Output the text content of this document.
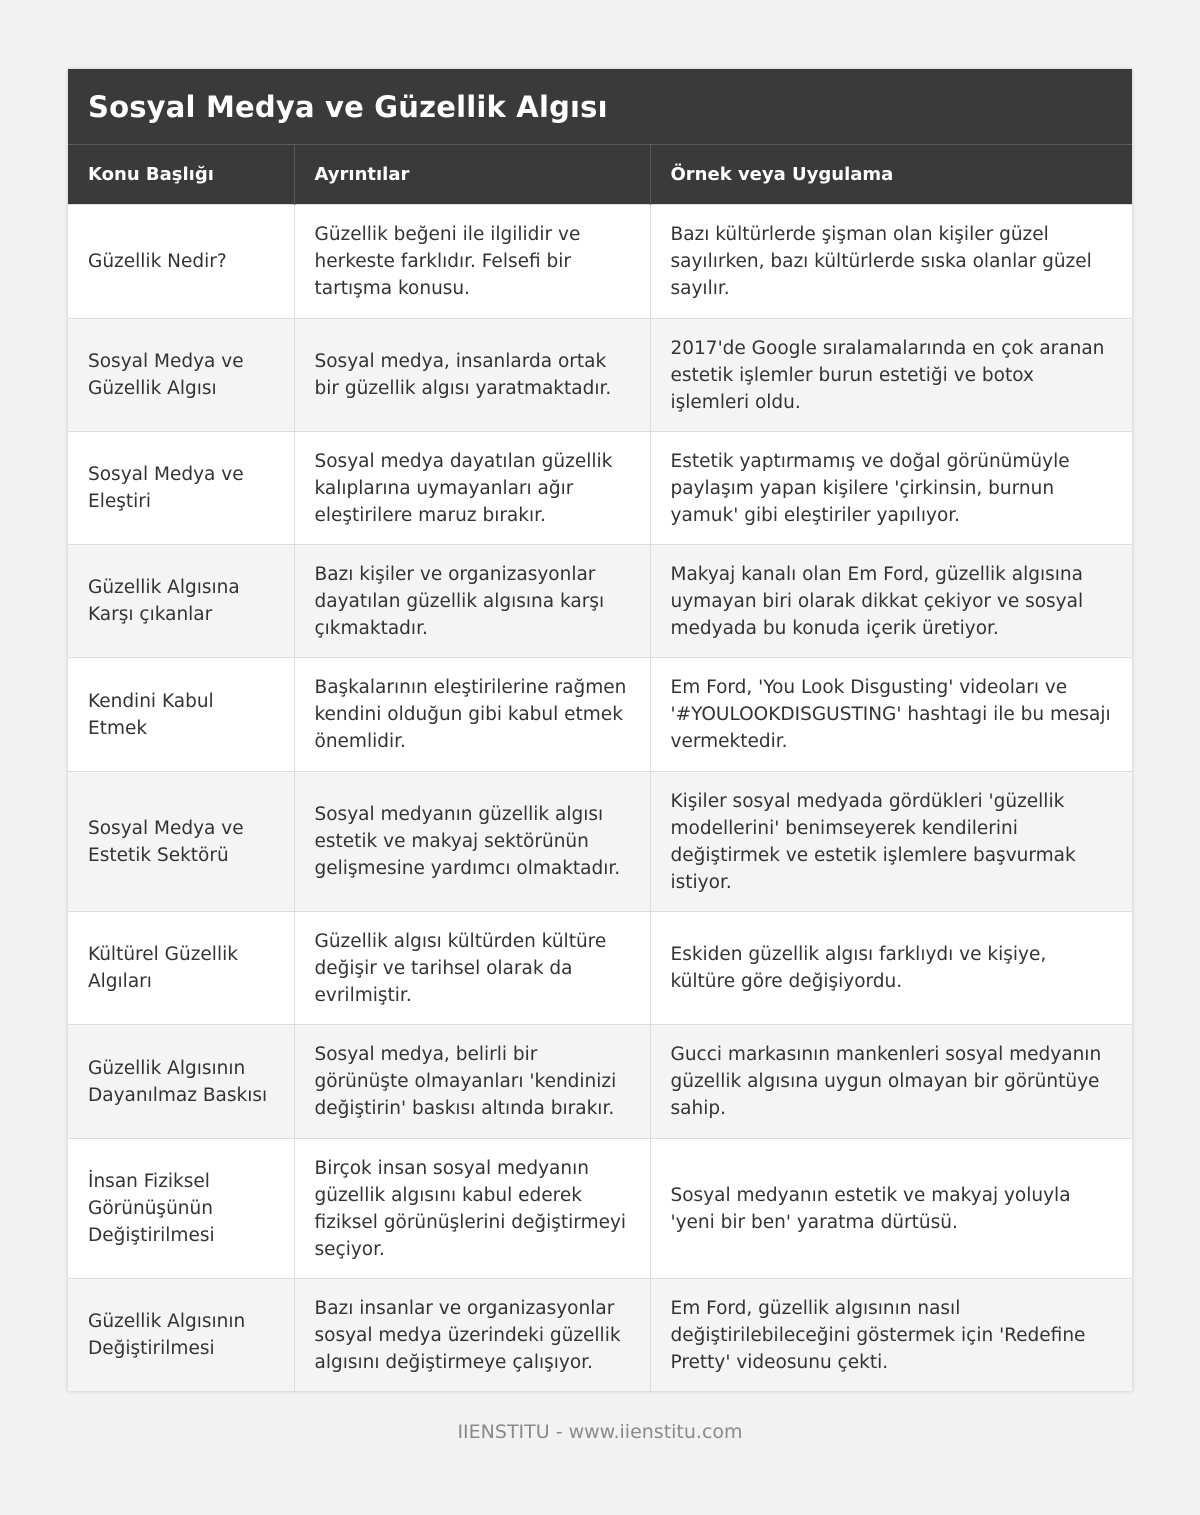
Sosyal Medya ve Güzellik Algısı
Konu Başlığı	Ayrıntılar	Örnek veya Uygulama
Güzellik Nedir?	Güzellik beğeni ile ilgilidir ve herkeste farklıdır. Felsefi bir tartışma konusu.	Bazı kültürlerde şişman olan kişiler güzel sayılırken, bazı kültürlerde sıska olanlar güzel sayılır.
Sosyal Medya ve Güzellik Algısı	Sosyal medya, insanlarda ortak bir güzellik algısı yaratmaktadır.	2017'de Google sıralamalarında en çok aranan estetik işlemler burun estetiği ve botox işlemleri oldu.
Sosyal Medya ve Eleştiri	Sosyal medya dayatılan güzellik kalıplarına uymayanları ağır eleştirilere maruz bırakır.	Estetik yaptırmamış ve doğal görünümüyle paylaşım yapan kişilere 'çirkinsin, burnun yamuk' gibi eleştiriler yapılıyor.
Güzellik Algısına Karşı çıkanlar	Bazı kişiler ve organizasyonlar dayatılan güzellik algısına karşı çıkmaktadır.	Makyaj kanalı olan Em Ford, güzellik algısına uymayan biri olarak dikkat çekiyor ve sosyal medyada bu konuda içerik üretiyor.
Kendini Kabul Etmek	Başkalarının eleştirilerine rağmen kendini olduğun gibi kabul etmek önemlidir.	Em Ford, 'You Look Disgusting' videoları ve '#YOULOOKDISGUSTING' hashtagi ile bu mesajı vermektedir.
Sosyal Medya ve Estetik Sektörü	Sosyal medyanın güzellik algısı estetik ve makyaj sektörünün gelişmesine yardımcı olmaktadır.	Kişiler sosyal medyada gördükleri 'güzellik modellerini' benimseyerek kendilerini değiştirmek ve estetik işlemlere başvurmak istiyor.
Kültürel Güzellik Algıları	Güzellik algısı kültürden kültüre değişir ve tarihsel olarak da evrilmiştir.	Eskiden güzellik algısı farklıydı ve kişiye, kültüre göre değişiyordu.
Güzellik Algısının Dayanılmaz Baskısı	Sosyal medya, belirli bir görünüşte olmayanları 'kendinizi değiştirin' baskısı altında bırakır.	Gucci markasının mankenleri sosyal medyanın güzellik algısına uygun olmayan bir görüntüye sahip.
İnsan Fiziksel Görünüşünün Değiştirilmesi	Birçok insan sosyal medyanın güzellik algısını kabul ederek fiziksel görünüşlerini değiştirmeyi seçiyor.	Sosyal medyanın estetik ve makyaj yoluyla 'yeni bir ben' yaratma dürtüsü.
Güzellik Algısının Değiştirilmesi	Bazı insanlar ve organizasyonlar sosyal medya üzerindeki güzellik algısını değiştirmeye çalışıyor.	Em Ford, güzellik algısının nasıl değiştirilebileceğini göstermek için 'Redefine Pretty' videosunu çekti.
IIENSTITU - www.iienstitu.com
